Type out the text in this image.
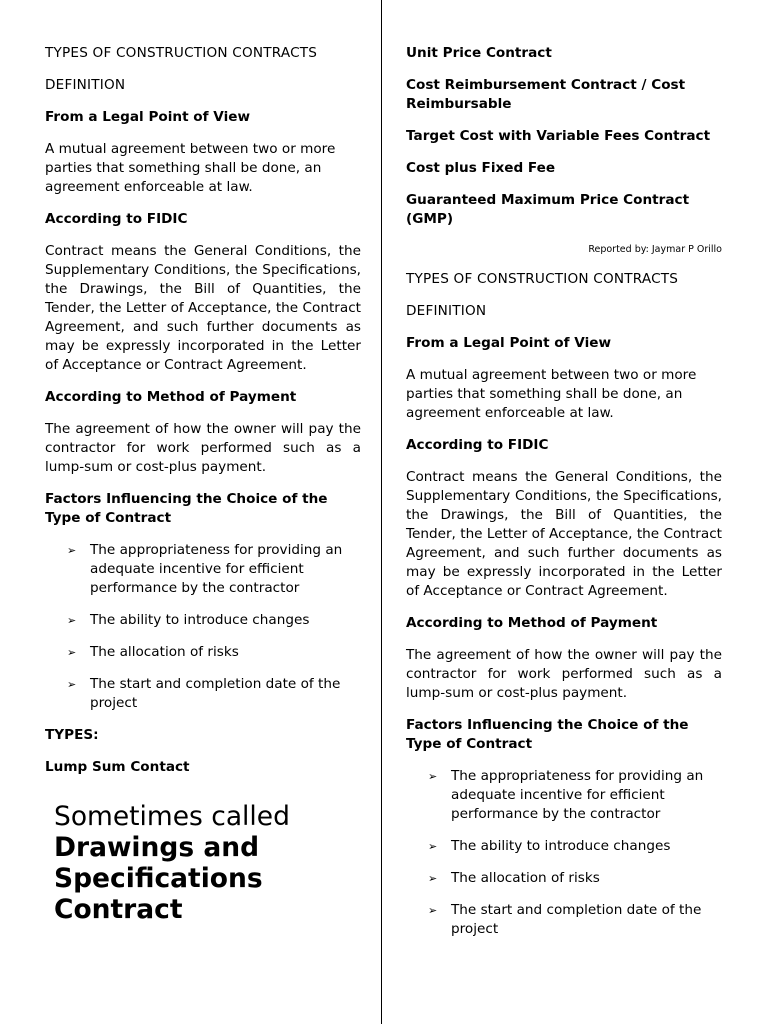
TYPES OF CONSTRUCTION CONTRACTS
DEFINITION
From a Legal Point of View
A mutual agreement between two or more parties that something shall be done, an agreement enforceable at law.
According to FIDIC
Contract means the General Conditions, the Supplementary Conditions, the Specifications, the Drawings, the Bill of Quantities, the Tender, the Letter of Acceptance, the Contract Agreement, and such further documents as may be expressly incorporated in the Letter of Acceptance or Contract Agreement.
According to Method of Payment
The agreement of how the owner will pay the contractor for work performed such as a lump-sum or cost-plus payment.
Factors Influencing the Choice of the Type of Contract
➢ The appropriateness for providing an adequate incentive for efficient performance by the contractor
➢ The ability to introduce changes
➢ The allocation of risks
➢ The start and completion date of the project
TYPES:
Lump Sum Contact
Sometimes called
Drawings and Specifications Contract
Unit Price Contract
Cost Reimbursement Contract / Cost Reimbursable
Target Cost with Variable Fees Contract
Cost plus Fixed Fee
Guaranteed Maximum Price Contract (GMP)
Reported by: Jaymar P Orillo
TYPES OF CONSTRUCTION CONTRACTS
DEFINITION
From a Legal Point of View
A mutual agreement between two or more parties that something shall be done, an agreement enforceable at law.
According to FIDIC
Contract means the General Conditions, the Supplementary Conditions, the Specifications, the Drawings, the Bill of Quantities, the Tender, the Letter of Acceptance, the Contract Agreement, and such further documents as may be expressly incorporated in the Letter of Acceptance or Contract Agreement.
According to Method of Payment
The agreement of how the owner will pay the contractor for work performed such as a lump-sum or cost-plus payment.
Factors Influencing the Choice of the Type of Contract
➢ The appropriateness for providing an adequate incentive for efficient performance by the contractor
➢ The ability to introduce changes
➢ The allocation of risks
➢ The start and completion date of the project
